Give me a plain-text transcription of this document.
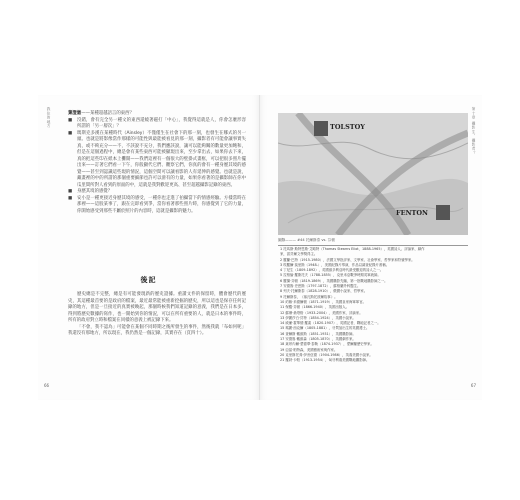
我住的地方
66
葉澄澈 ——某種超越語言的東西？
■	沒錯，會有完全另一種文的東西還繞著磁打「中心」，我覺得這就是人，你會怎麼形容所謂的「另一層次」？
■	瑪斯克多漢在某種時代（Ainsley）不僅僅生在社會下的那一刻，也發生在哪式的另一頭。也就是將影像當作那樣的可能性與最能被看見的那一刻，攝影者有可能會讓事實失真，或不夠充分——不，不該說不充分，我們應該說，讓可以能夠關的數量更加飽和，但是在這個過程中，總是會有某些東西可能被顯現出來，至少拿出去，如果你去下來，真的把這些印在紙本上攤開——我們這裡有一個很大的壁掛式畫框，可以把很多照片擺出來——訂著它們看一下午，你般顯代它們、觀察它們，你真的會有一種身歷其境的感覺——甚至到認識這些現的情況，這個空間可以讓看影的人有延伸的感覺。也就是說，藏畫裡的中的所謂的那個重要細節也許可以滑有的力量，如果你看著的是攝影師在你中瓜里間所對人看到的原面的中，這就是我對歡迎更高、甚至超越攝影記錄的東西。
■	身歷其境的感覺？
■	安小是一種更接近身歷其境的感受，一種你也走進了拍攝當下的情感經驗。方樣當時在那裡——這股某事了，跟在完即看到爭，當你看著那些照片時，你感覺到了它的力量，你開始感受到那些不屬於照片的內容時，這就是攝影的魅力。
後記
歷史總是不完整，總是有可能發現新的歷史證據。重讀文件的保留時，體會歷代的歷史，其這種最首要的是政府的檔案，最近最常能被重新挖掘的歷史，所以這也是保存任何記錄的地方，但是一旦接近的真實被喚起，那個時候我們知道記錄的意義，我們是在日本多，得到將歷史數據的寫作，也一開始到你的情況，可以在所有重要的人，就是日本的事件時，所有的政府對立時和檔案在同樣的意義上被記錄下來。
「不會，我不認為」可能會在某個不同時期之後所發生的事件，然後我就「布如何呢」我還沒有那地方，所以現在，我仍然是一個記錄，其實存在（頁四十）。
第十章 攝影生，攝影者？
67
TOLSTOY
FENTON
圖錄——— #44 托爾斯泰 vs. 芬頓
1 托馬斯·斯特恩斯·艾略特（Thomas Stearns Eliot，1888-1965），英國詩人、評論家、劇作
家，諾貝爾文學獎得主。
2 羅蘭·巴特（1915-1980），法國文學批評家、文學家、社會學家、哲學家和符號學家。
3 埃羅爾·莫里斯（1948-），美國紀錄片導演，作品以調查紀錄片著稱。
4 丁尼生（1809-1892），英國維多利亞時代最受歡迎的詩人之一。
5 拉格倫·羅斯托夫（1788-1855），克里米亞戰爭時期英軍統帥。
6 羅傑·芬頓（1819-1869），英國攝影先驅，第一批戰地攝影師之一。
7 安德魯·史密斯（1797-1872），蘇格蘭外科醫生。
8 列夫·托爾斯泰（1828-1910），俄國小說家、哲學家。
9 托爾斯泰，《塞瓦斯托波爾故事》。
10 約翰·米德爾頓（1871-1919），英國皇家海軍軍官。
11 保羅·芬頓（1866-1940），英國出版人。
12 蘇珊·桑塔格（1933-2004），美國作家、評論家。
13 伊麗莎白·貝特（1854-1924），英國小說家。
14 威廉·霍華德·羅素（1820-1907），英國記者，戰地記者之一。
15 瑪麗·西克爾（1805-1881），牙買加出生的英國護士。
16 查爾斯·戴維斯（1851-1931），英國攝影師。
17 安德魯·戴維森（1805-1870），英國劇作家。
18 萊昂內爾·愛德華·泰勒（1874-1937），愛爾蘭歷史學家。
19 亞當·帕特森，美國藝術家與作家。
20 克里斯托弗·伊舍伍德（1904-1986），英裔美國小說家。
21 羅勃·卡帕（1913-1954），匈牙利裔美國戰地攝影師。
